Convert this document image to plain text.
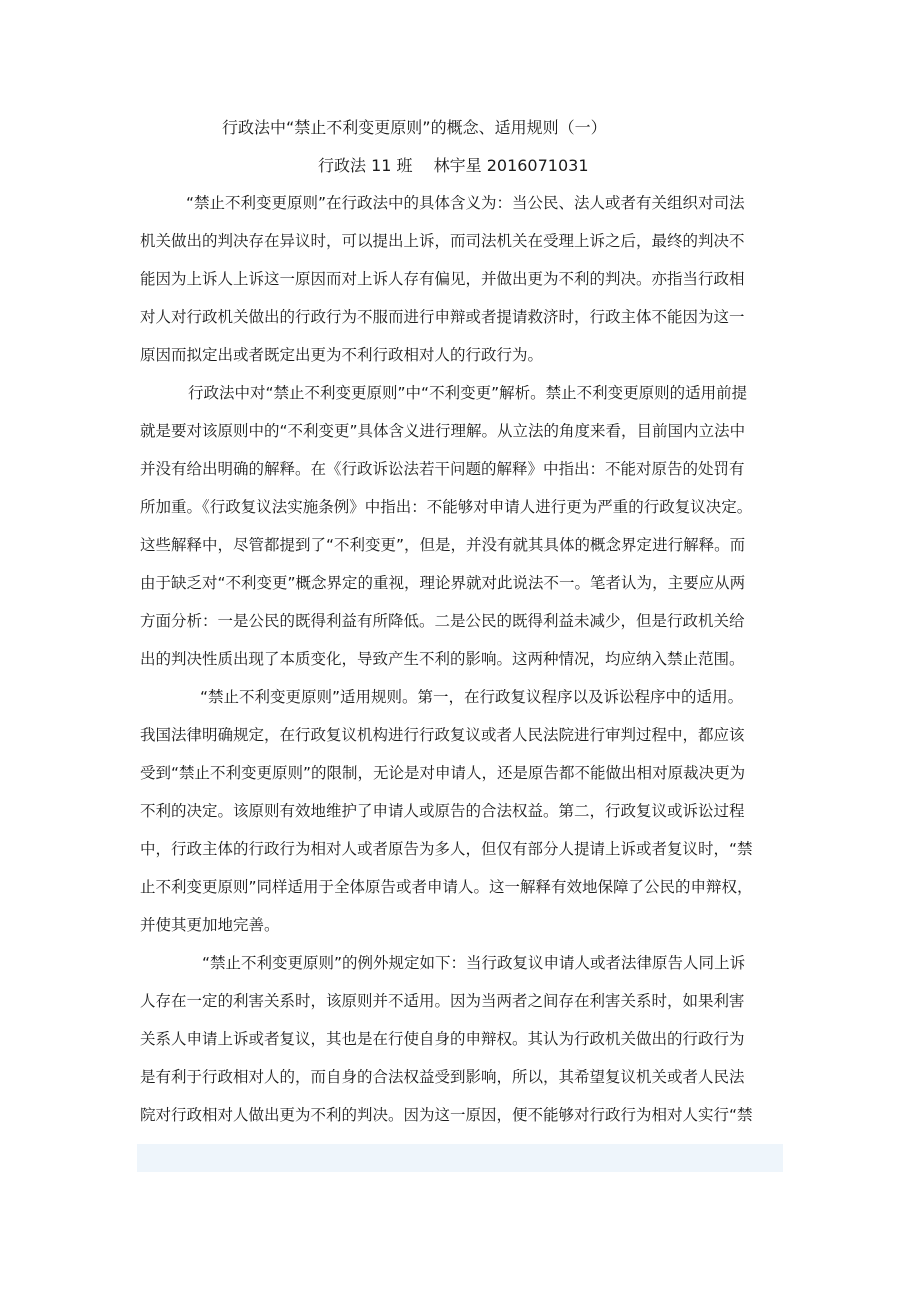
行政法中“禁止不利变更原则”的概念、适用规则（一）
行政法 11 班　 林宇星 2016071031
“禁止不利变更原则”在行政法中的具体含义为：当公民、法人或者有关组织对司法
机关做出的判决存在异议时，可以提出上诉，而司法机关在受理上诉之后，最终的判决不
能因为上诉人上诉这一原因而对上诉人存有偏见，并做出更为不利的判决。亦指当行政相
对人对行政机关做出的行政行为不服而进行申辩或者提请救济时，行政主体不能因为这一
原因而拟定出或者既定出更为不利行政相对人的行政行为。
行政法中对“禁止不利变更原则”中“不利变更”解析。禁止不利变更原则的适用前提
就是要对该原则中的“不利变更”具体含义进行理解。从立法的角度来看，目前国内立法中
并没有给出明确的解释。在《行政诉讼法若干问题的解释》中指出：不能对原告的处罚有
所加重。《行政复议法实施条例》中指出：不能够对申请人进行更为严重的行政复议决定。
这些解释中，尽管都提到了“不利变更”，但是，并没有就其具体的概念界定进行解释。而
由于缺乏对“不利变更”概念界定的重视，理论界就对此说法不一。笔者认为，主要应从两
方面分析：一是公民的既得利益有所降低。二是公民的既得利益未减少，但是行政机关给
出的判决性质出现了本质变化，导致产生不利的影响。这两种情况，均应纳入禁止范围。
“禁止不利变更原则”适用规则。第一，在行政复议程序以及诉讼程序中的适用。
我国法律明确规定，在行政复议机构进行行政复议或者人民法院进行审判过程中，都应该
受到“禁止不利变更原则”的限制，无论是对申请人，还是原告都不能做出相对原裁决更为
不利的决定。该原则有效地维护了申请人或原告的合法权益。第二，行政复议或诉讼过程
中，行政主体的行政行为相对人或者原告为多人，但仅有部分人提请上诉或者复议时，“禁
止不利变更原则”同样适用于全体原告或者申请人。这一解释有效地保障了公民的申辩权，
并使其更加地完善。
“禁止不利变更原则”的例外规定如下：当行政复议申请人或者法律原告人同上诉
人存在一定的利害关系时，该原则并不适用。因为当两者之间存在利害关系时，如果利害
关系人申请上诉或者复议，其也是在行使自身的申辩权。其认为行政机关做出的行政行为
是有利于行政相对人的，而自身的合法权益受到影响，所以，其希望复议机关或者人民法
院对行政相对人做出更为不利的判决。因为这一原因，便不能够对行政行为相对人实行“禁
